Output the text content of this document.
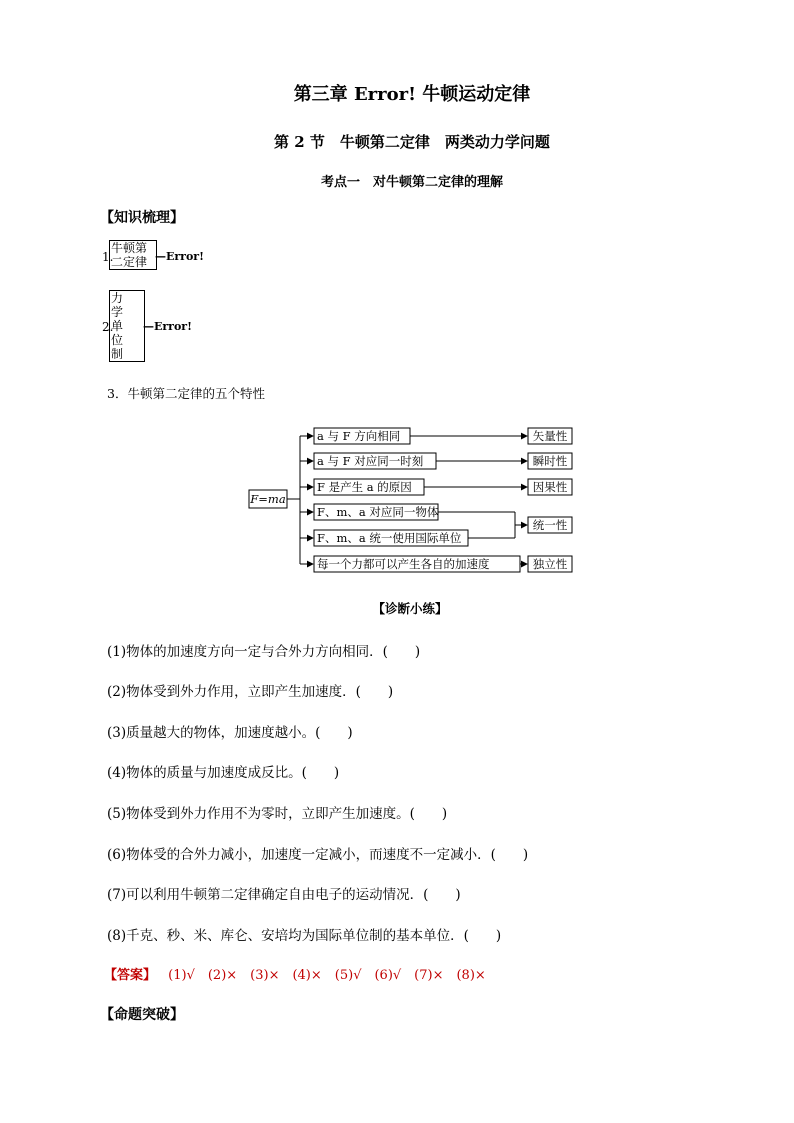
第三章 Error! 牛顿运动定律
第 2 节　牛顿第二定律　两类动力学问题
考点一　对牛顿第二定律的理解
【知识梳理】
1.
牛顿第
二定律 —Error!
2.
力
学
单
位
制
—Error!
3．牛顿第二定律的五个特性
F=ma
a 与 F 方向相同
a 与 F 对应同一时刻
F 是产生 a 的原因
F、m、a 对应同一物体
F、m、a 统一使用国际单位
每一个力都可以产生各自的加速度
矢量性
瞬时性
因果性
统一性
独立性
【诊断小练】
(1)物体的加速度方向一定与合外力方向相同．(　　)
(2)物体受到外力作用，立即产生加速度．(　　)
(3)质量越大的物体，加速度越小。(　　)
(4)物体的质量与加速度成反比。(　　)
(5)物体受到外力作用不为零时，立即产生加速度。(　　)
(6)物体受的合外力减小，加速度一定减小，而速度不一定减小．(　　)
(7)可以利用牛顿第二定律确定自由电子的运动情况．(　　)
(8)千克、秒、米、库仑、安培均为国际单位制的基本单位．(　　)
【答案】 (1)√　(2)×　(3)×　(4)×　(5)√　(6)√　(7)×　(8)×
【命题突破】
